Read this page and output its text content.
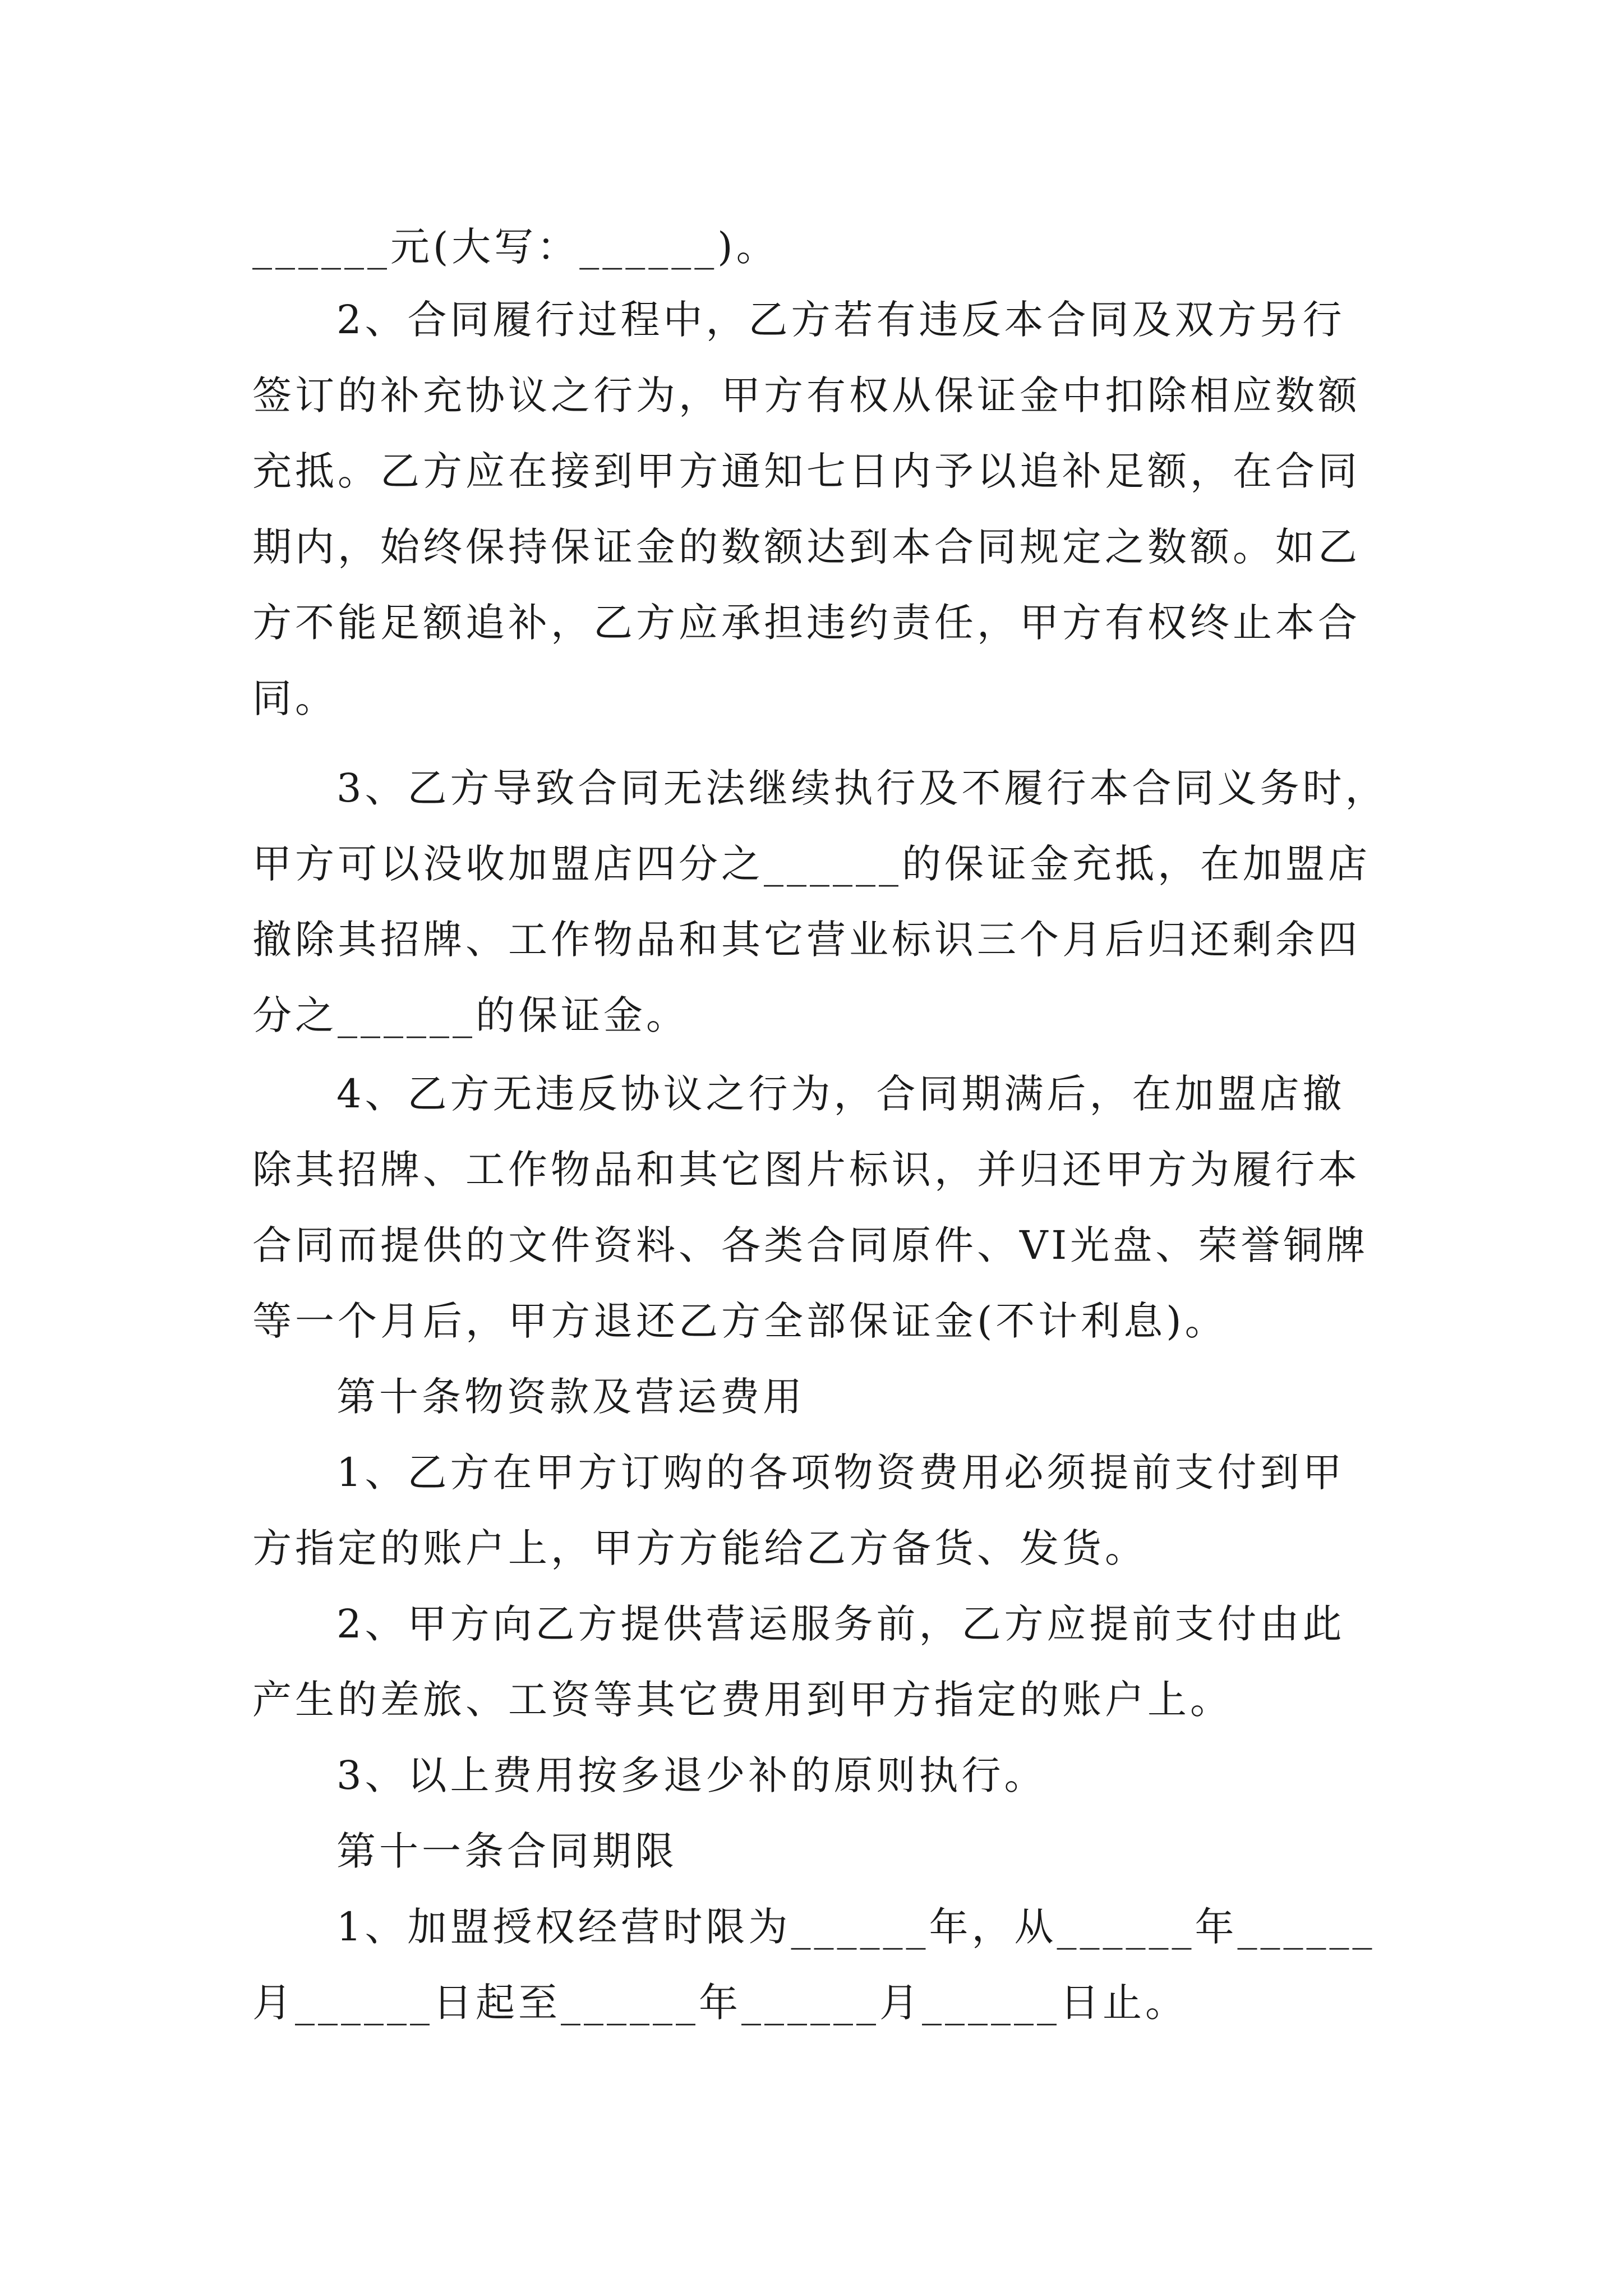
______元(大写：______)。
2、合同履行过程中，乙方若有违反本合同及双方另行
签订的补充协议之行为，甲方有权从保证金中扣除相应数额
充抵。乙方应在接到甲方通知七日内予以追补足额，在合同
期内，始终保持保证金的数额达到本合同规定之数额。如乙
方不能足额追补，乙方应承担违约责任，甲方有权终止本合
同。
3、乙方导致合同无法继续执行及不履行本合同义务时，
甲方可以没收加盟店四分之______的保证金充抵，在加盟店
撤除其招牌、工作物品和其它营业标识三个月后归还剩余四
分之______的保证金。
4、乙方无违反协议之行为，合同期满后，在加盟店撤
除其招牌、工作物品和其它图片标识，并归还甲方为履行本
合同而提供的文件资料、各类合同原件、VI光盘、荣誉铜牌
等一个月后，甲方退还乙方全部保证金(不计利息)。
第十条物资款及营运费用
1、乙方在甲方订购的各项物资费用必须提前支付到甲
方指定的账户上，甲方方能给乙方备货、发货。
2、甲方向乙方提供营运服务前，乙方应提前支付由此
产生的差旅、工资等其它费用到甲方指定的账户上。
3、以上费用按多退少补的原则执行。
第十一条合同期限
1、加盟授权经营时限为______年，从______年______
月______日起至______年______月______日止。
